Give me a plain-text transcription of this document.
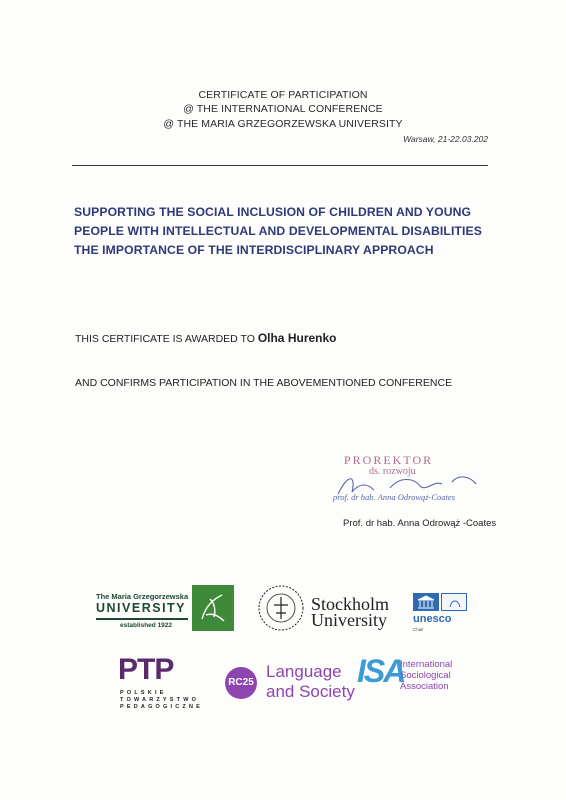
CERTIFICATE OF PARTICIPATION
@ THE INTERNATIONAL CONFERENCE
@ THE MARIA GRZEGORZEWSKA UNIVERSITY
Warsaw, 21-22.03.202
SUPPORTING THE SOCIAL INCLUSION OF CHILDREN AND YOUNG
PEOPLE WITH INTELLECTUAL AND DEVELOPMENTAL DISABILITIES
THE IMPORTANCE OF THE INTERDISCIPLINARY APPROACH
THIS CERTIFICATE IS AWARDED TO Olha Hurenko
AND CONFIRMS PARTICIPATION IN THE ABOVEMENTIONED CONFERENCE
PROREKTOR
ds. rozwoju
prof. dr hab. Anna Odrowąż-Coates
Prof. dr hab. Anna Odrowąż -Coates
The Maria Grzegorzewska
UNIVERSITY
established 1922
Stockholm
University unesco
Chair
PTP
POLSKIE
TOWARZYSTWO
PEDAGOGICZNE
RC25
Language
and Society
ISA
International
Sociological
Association
